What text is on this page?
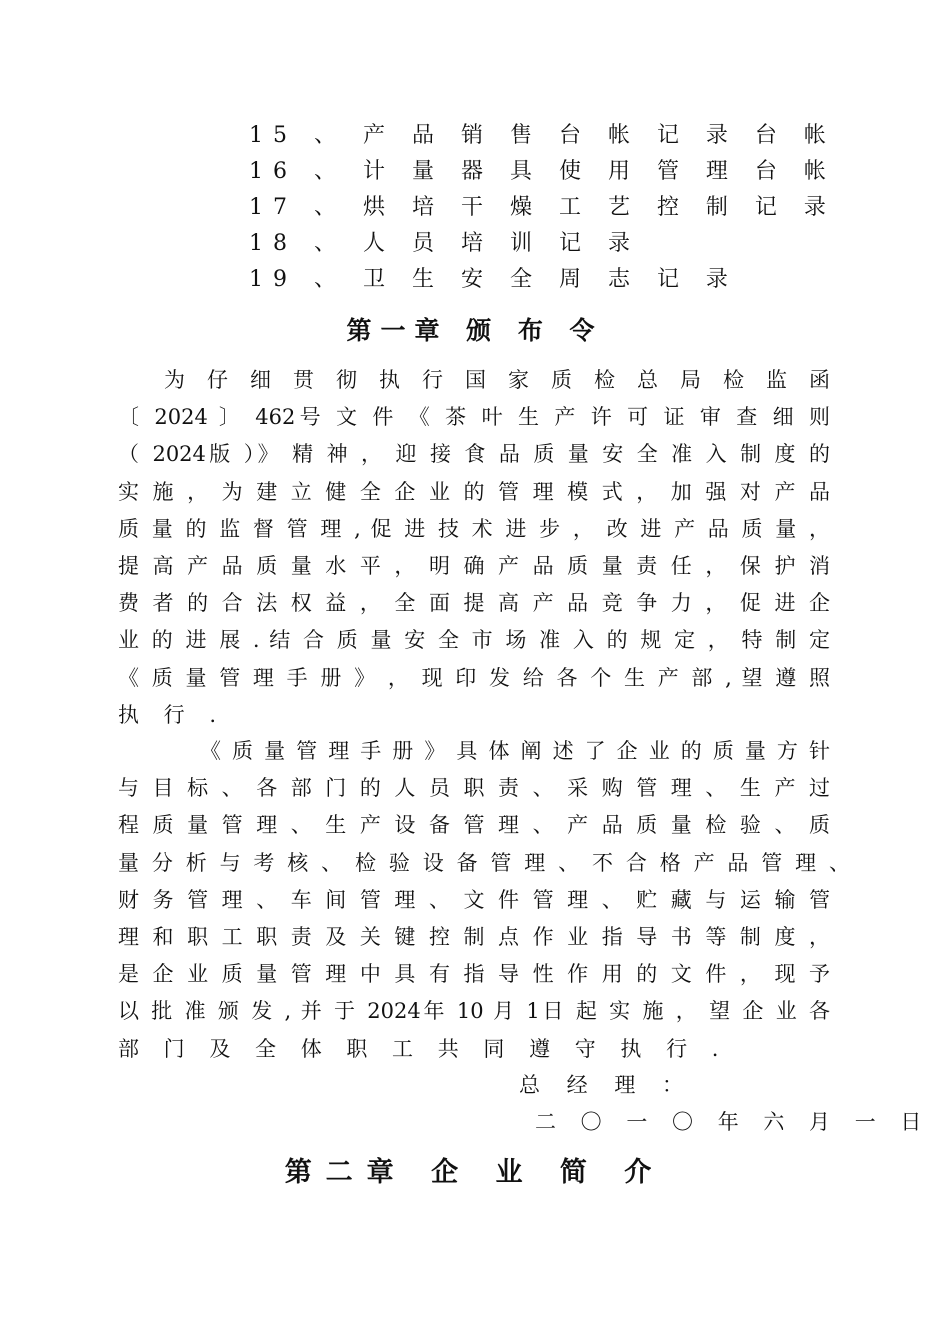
15 、 产 品 销 售 台 帐 记 录 台 帐
16 、 计 量 器 具 使 用 管 理 台 帐
17 、 烘 培 干 燥 工 艺 控 制 记 录
18 、 人 员 培 训 记 录
19 、 卫 生 安 全 周 志 记 录
第一章 颁 布 令
为 仔 细 贯 彻 执 行 国 家 质 检 总 局 检 监 函
〔 2024 〕 462号 文 件 《 茶 叶 生 产 许 可 证 审 查 细 则
（ 2024版 ）》 精 神 ， 迎 接 食 品 质 量 安 全 准 入 制 度 的
实 施 ， 为 建 立 健 全 企 业 的 管 理 模 式 ， 加 强 对 产 品
质 量 的 监 督 管 理 , 促 进 技 术 进 步 ， 改 进 产 品 质 量 ，
提 高 产 品 质 量 水 平 ， 明 确 产 品 质 量 责 任 ， 保 护 消
费 者 的 合 法 权 益 ， 全 面 提 高 产 品 竞 争 力 ， 促 进 企
业 的 进 展 . 结 合 质 量 安 全 市 场 准 入 的 规 定 ， 特 制 定
《 质 量 管 理 手 册 》 ， 现 印 发 给 各 个 生 产 部 , 望 遵 照
执 行 .
《 质 量 管 理 手 册 》 具 体 阐 述 了 企 业 的 质 量 方 针
与 目 标 、 各 部 门 的 人 员 职 责 、 采 购 管 理 、 生 产 过
程 质 量 管 理 、 生 产 设 备 管 理 、 产 品 质 量 检 验 、 质
量 分 析 与 考 核 、 检 验 设 备 管 理 、 不 合 格 产 品 管 理 、
财 务 管 理 、 车 间 管 理 、 文 件 管 理 、 贮 藏 与 运 输 管
理 和 职 工 职 责 及 关 键 控 制 点 作 业 指 导 书 等 制 度 ，
是 企 业 质 量 管 理 中 具 有 指 导 性 作 用 的 文 件 ， 现 予
以 批 准 颁 发 , 并 于 2024年 10 月 1日 起 实 施 ， 望 企 业 各
部 门 及 全 体 职 工 共 同 遵 守 执 行 .
总 经 理 ：
二 〇 一 〇 年 六 月 一 日
第二章 企 业 简 介
